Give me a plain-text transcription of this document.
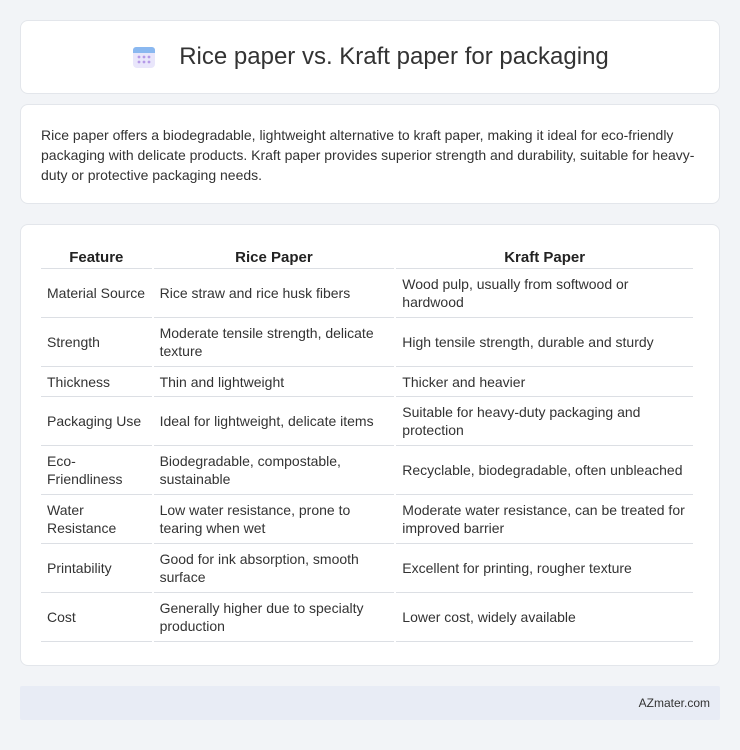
Rice paper vs. Kraft paper for packaging

Rice paper offers a biodegradable, lightweight alternative to kraft paper, making it ideal for eco-friendly packaging with delicate products. Kraft paper provides superior strength and durability, suitable for heavy-duty or protective packaging needs.

Feature	Rice Paper	Kraft Paper
Material Source	Rice straw and rice husk fibers	Wood pulp, usually from softwood or hardwood
Strength	Moderate tensile strength, delicate texture	High tensile strength, durable and sturdy
Thickness	Thin and lightweight	Thicker and heavier
Packaging Use	Ideal for lightweight, delicate items	Suitable for heavy-duty packaging and protection
Eco-Friendliness	Biodegradable, compostable, sustainable	Recyclable, biodegradable, often unbleached
Water Resistance	Low water resistance, prone to tearing when wet	Moderate water resistance, can be treated for improved barrier
Printability	Good for ink absorption, smooth surface	Excellent for printing, rougher texture
Cost	Generally higher due to specialty production	Lower cost, widely available
AZmater.com
